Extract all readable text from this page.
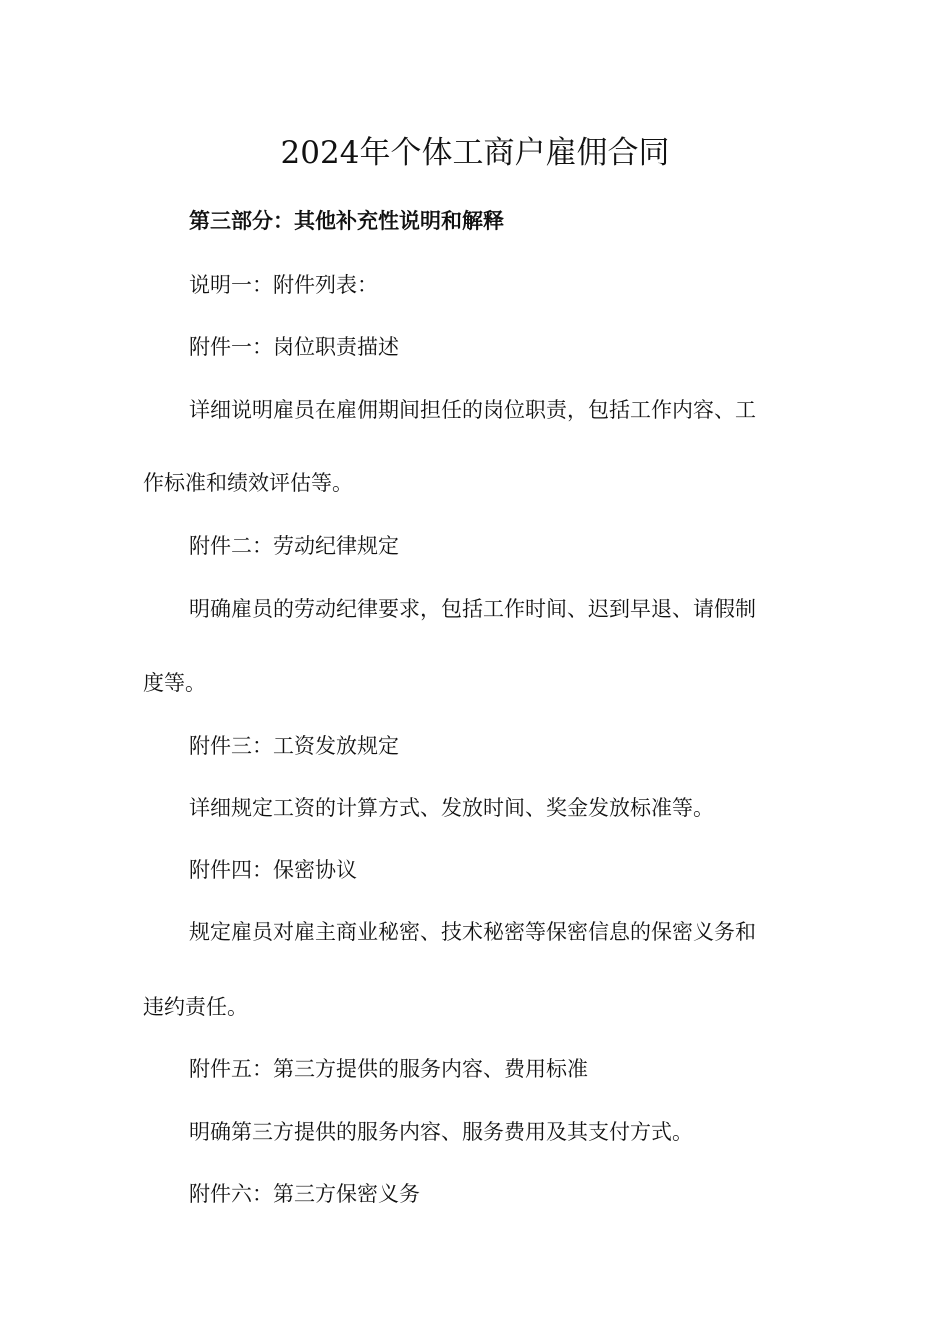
2024年个体工商户雇佣合同

第三部分：其他补充性说明和解释

说明一：附件列表：

附件一：岗位职责描述

详细说明雇员在雇佣期间担任的岗位职责，包括工作内容、工

作标准和绩效评估等。

附件二：劳动纪律规定

明确雇员的劳动纪律要求，包括工作时间、迟到早退、请假制

度等。

附件三：工资发放规定

详细规定工资的计算方式、发放时间、奖金发放标准等。

附件四：保密协议

规定雇员对雇主商业秘密、技术秘密等保密信息的保密义务和

违约责任。

附件五：第三方提供的服务内容、费用标准

明确第三方提供的服务内容、服务费用及其支付方式。

附件六：第三方保密义务
